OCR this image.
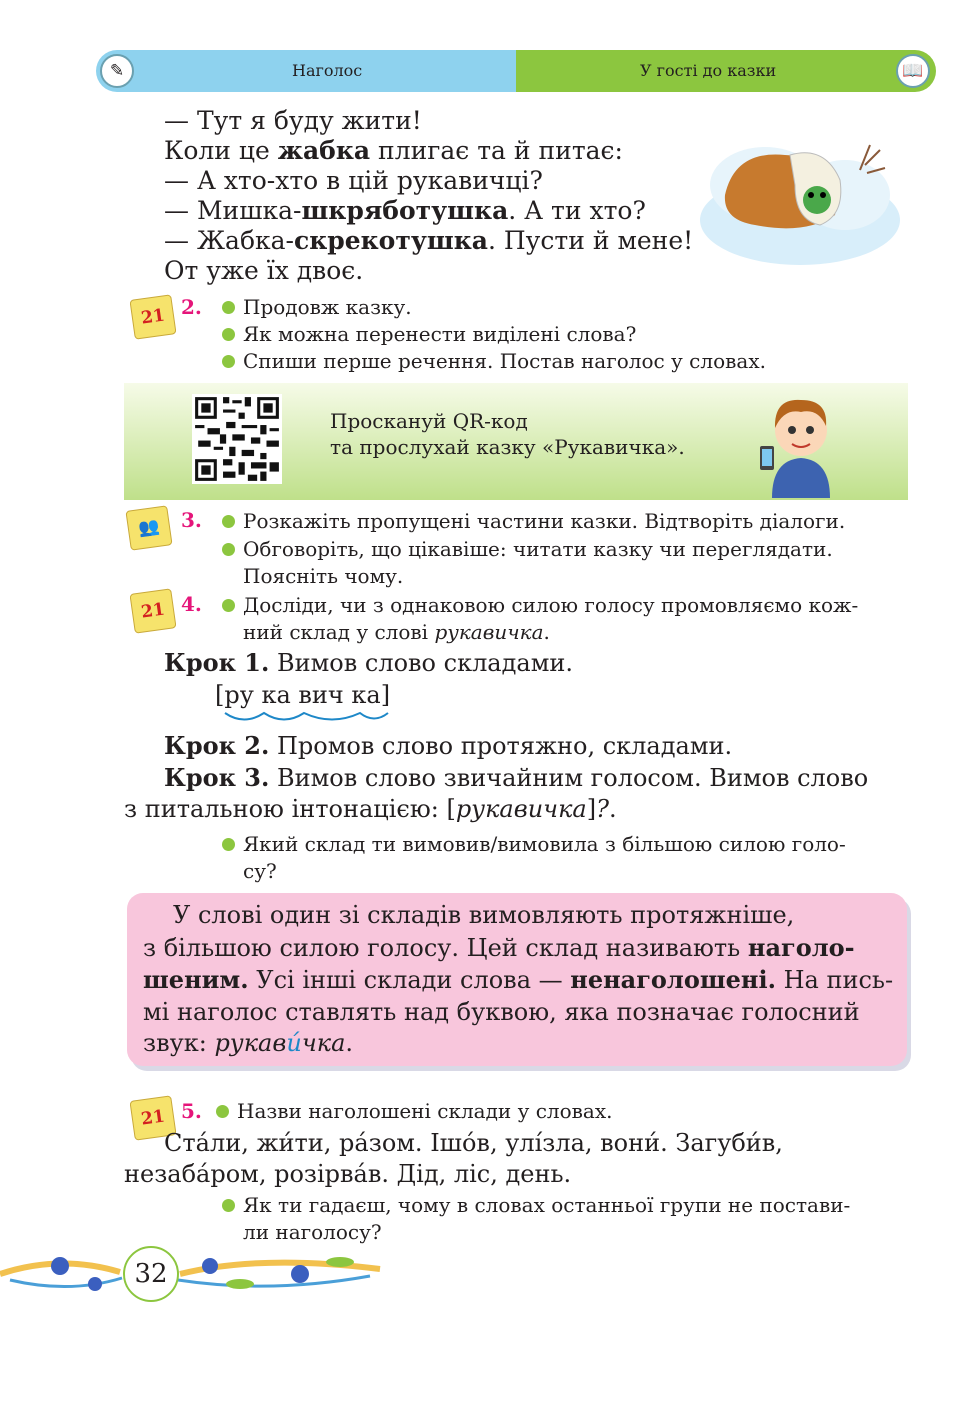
✎	Наголос	У гості до казки	📖
— Тут я буду жити!
Коли це жабка плигає та й питає:
— А хто-хто в цій рукавичці?
— Мишка-шкряботушка. А ти хто?
— Жабка-скрекотушка. Пусти й мене!
От уже їх двоє.
21 2.	Продовж казку.
Як можна перенести виділені слова?
Спиши перше речення. Постав наголос у словах.
Проскануй QR-код
та прослухай казку «Рукавичка».
👥	3.	Розкажіть пропущені частини казки. Відтворіть діалоги.
Обговоріть, що цікавіше: читати казку чи переглядати.
Поясніть чому.
21 4.	Досліди, чи з однаковою силою голосу промовляємо кож-
ний склад у слові рукавичка.
Крок 1. Вимов слово складами.
[ру ка вич ка]
Крок 2. Промов слово протяжно, складами.
Крок 3. Вимов слово звичайним голосом. Вимов слово
з питальною інтонацією: [рукавичка]?.
Який склад ти вимовив/вимовила з більшою силою голо-
су?
У слові один зі складів вимовляють протяжніше,
з більшою силою голосу. Цей склад називають наголо-
шеним. Усі інші склади слова — ненаголошені. На пись-
мі наголос ставлять над буквою, яка позначає голосний
звук: рукави́чка.
21 5.	Назви наголошені склади у словах.
Ста́ли, жи́ти, ра́зом. Ішо́в, улі́зла, вони́. Загуби́в,
незаба́ром, розірва́в. Дід, ліс, день.
Як ти гадаєш, чому в словах останньої групи не постави-
ли наголосу?
32
